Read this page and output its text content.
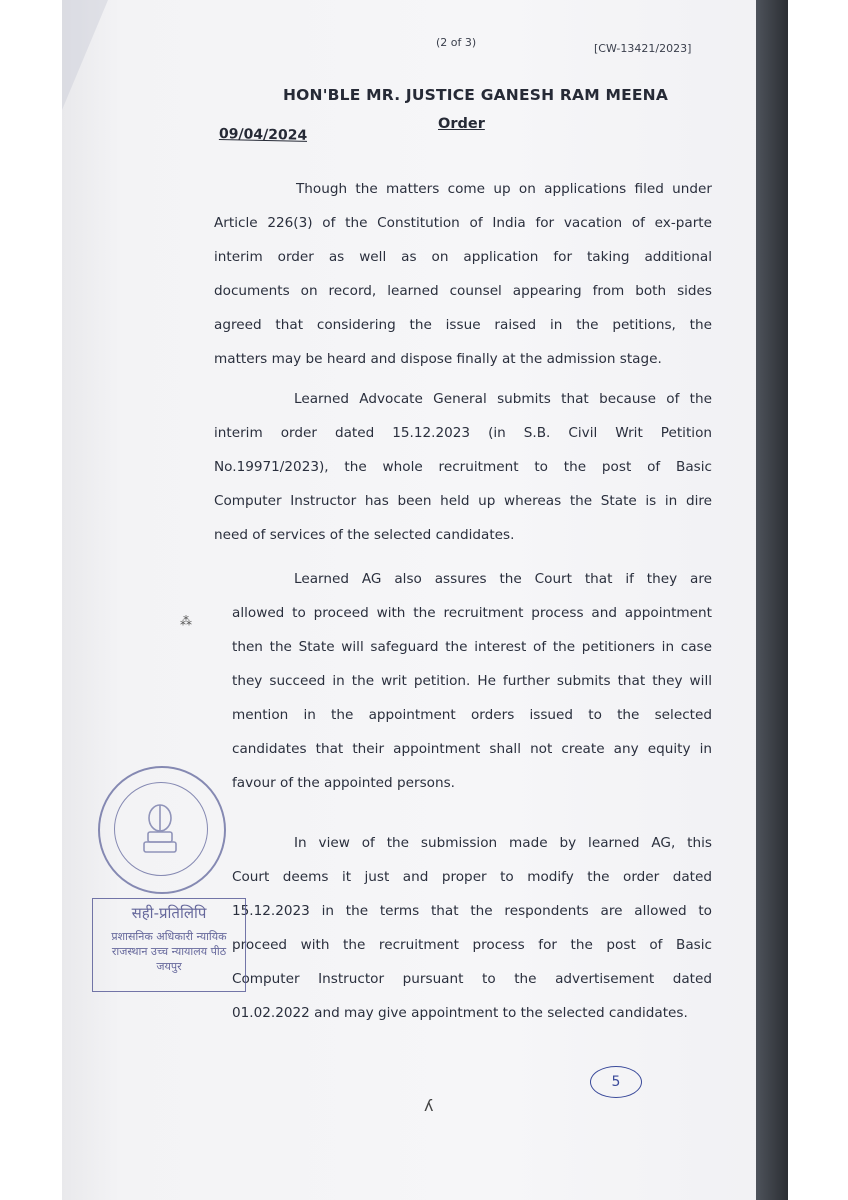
(2 of 3)	[CW-13421/2023]
HON'BLE MR. JUSTICE GANESH RAM MEENA
Order
09/04/2024
Though the matters come up on applications filed under
Article 226(3) of the Constitution of India for vacation of ex-parte
interim order as well as on application for taking additional
documents on record, learned counsel appearing from both sides
agreed that considering the issue raised in the petitions, the
matters may be heard and dispose finally at the admission stage.
Learned Advocate General submits that because of the
interim order dated 15.12.2023 (in S.B. Civil Writ Petition
No.19971/2023), the whole recruitment to the post of Basic
Computer Instructor has been held up whereas the State is in dire
need of services of the selected candidates.
Learned AG also assures the Court that if they are
allowed to proceed with the recruitment process and appointment
then the State will safeguard the interest of the petitioners in case
they succeed in the writ petition. He further submits that they will
mention in the appointment orders issued to the selected
candidates that their appointment shall not create any equity in
favour of the appointed persons.
In view of the submission made by learned AG, this
Court deems it just and proper to modify the order dated
15.12.2023 in the terms that the respondents are allowed to
proceed with the recruitment process for the post of Basic
Computer Instructor pursuant to the advertisement dated
01.02.2022 and may give appointment to the selected candidates.
सही-प्रतिलिपि
प्रशासनिक अधिकारी न्यायिक
राजस्थान उच्च न्यायालय पीठ
जयपुर
5
ʎ
⁂
